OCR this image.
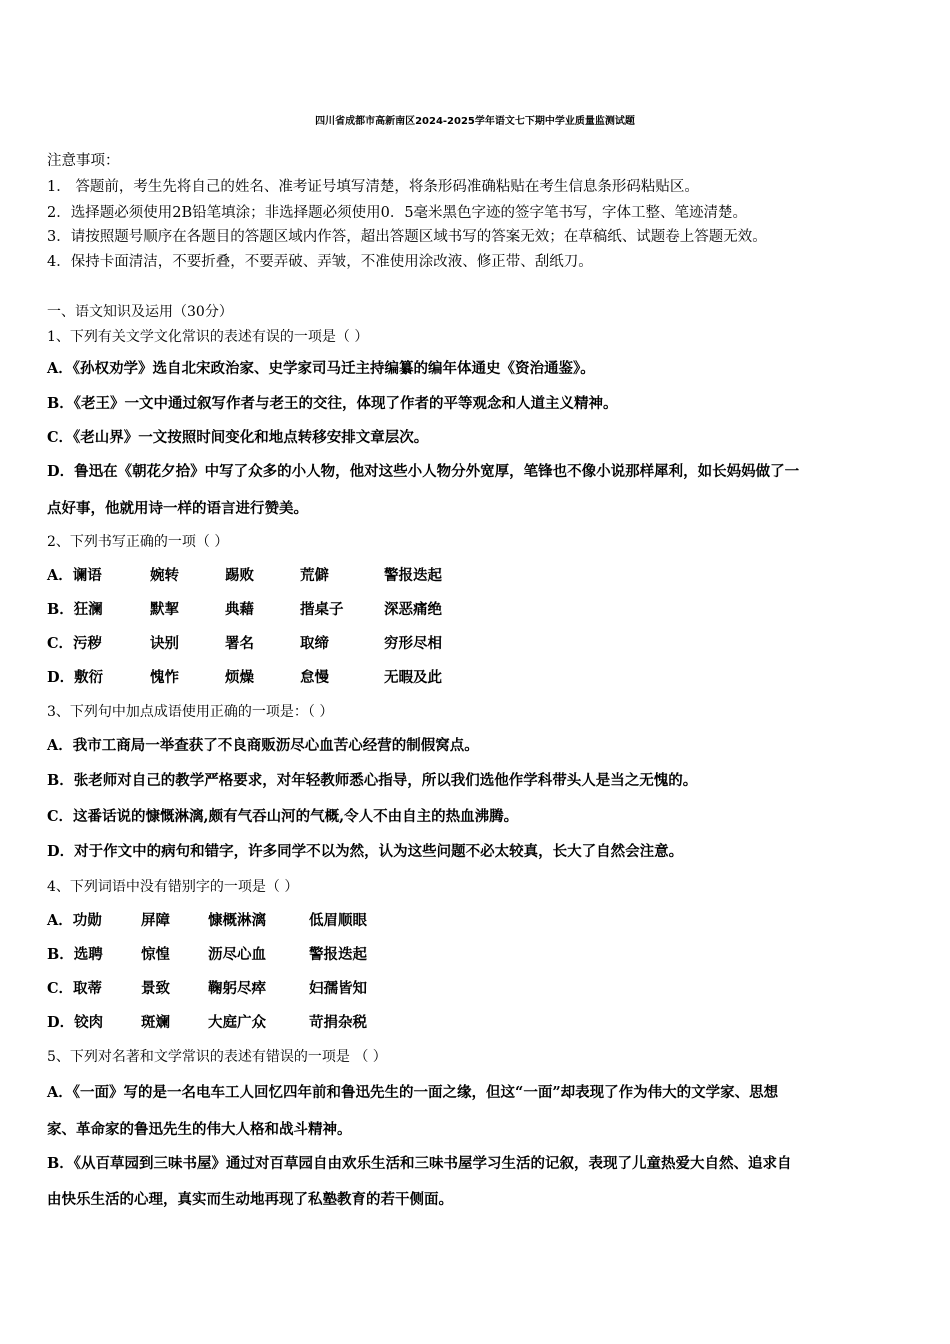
四川省成都市高新南区2024-2025学年语文七下期中学业质量监测试题
注意事项：
1． 答题前，考生先将自己的姓名、准考证号填写清楚，将条形码准确粘贴在考生信息条形码粘贴区。
2．选择题必须使用2B铅笔填涂；非选择题必须使用0．5毫米黑色字迹的签字笔书写，字体工整、笔迹清楚。
3．请按照题号顺序在各题目的答题区域内作答，超出答题区域书写的答案无效；在草稿纸、试题卷上答题无效。
4．保持卡面清洁，不要折叠，不要弄破、弄皱，不准使用涂改液、修正带、刮纸刀。
一、语文知识及运用（30分）
1、下列有关文学文化常识的表述有误的一项是（ ）
A．《孙权劝学》选自北宋政治家、史学家司马迁主持编纂的编年体通史《资治通鉴》。
B．《老王》一文中通过叙写作者与老王的交往，体现了作者的平等观念和人道主义精神。
C．《老山界》一文按照时间变化和地点转移安排文章层次。
D．鲁迅在《朝花夕拾》中写了众多的小人物，他对这些小人物分外宽厚，笔锋也不像小说那样犀利，如长妈妈做了一
点好事，他就用诗一样的语言进行赞美。
2、下列书写正确的一项（ ）
A．谰语	婉转	踢败	荒僻	警报迭起
B．狂澜	默挈	典藉	揩桌子	深恶痛绝
C．污秽	诀别	署名	取缔	穷形尽相
D．敷衍	愧怍	烦燥	怠慢	无暇及此
3、下列句中加点成语使用正确的一项是：（ ）
A．我市工商局一举查获了不良商贩沥尽心血苦心经营的制假窝点。
B．张老师对自己的教学严格要求，对年轻教师悉心指导，所以我们选他作学科带头人是当之无愧的。
C．这番话说的慷慨淋漓,颇有气吞山河的气概,令人不由自主的热血沸腾。
D．对于作文中的病句和错字，许多同学不以为然，认为这些问题不必太较真，长大了自然会注意。
4、下列词语中没有错别字的一项是（ ）
A．功勋	屏障	慷概淋漓	低眉顺眼
B．选聘	惊惶	沥尽心血	警报迭起
C．取蒂	景致	鞠躬尽瘁	妇孺皆知
D．铰肉	斑斓	大庭广众	苛捐杂税
5、下列对名著和文学常识的表述有错误的一项是 （ ）
A．《一面》写的是一名电车工人回忆四年前和鲁迅先生的一面之缘，但这“一面”却表现了作为伟大的文学家、思想
家、革命家的鲁迅先生的伟大人格和战斗精神。
B．《从百草园到三味书屋》通过对百草园自由欢乐生活和三味书屋学习生活的记叙，表现了儿童热爱大自然、追求自
由快乐生活的心理，真实而生动地再现了私塾教育的若干侧面。
